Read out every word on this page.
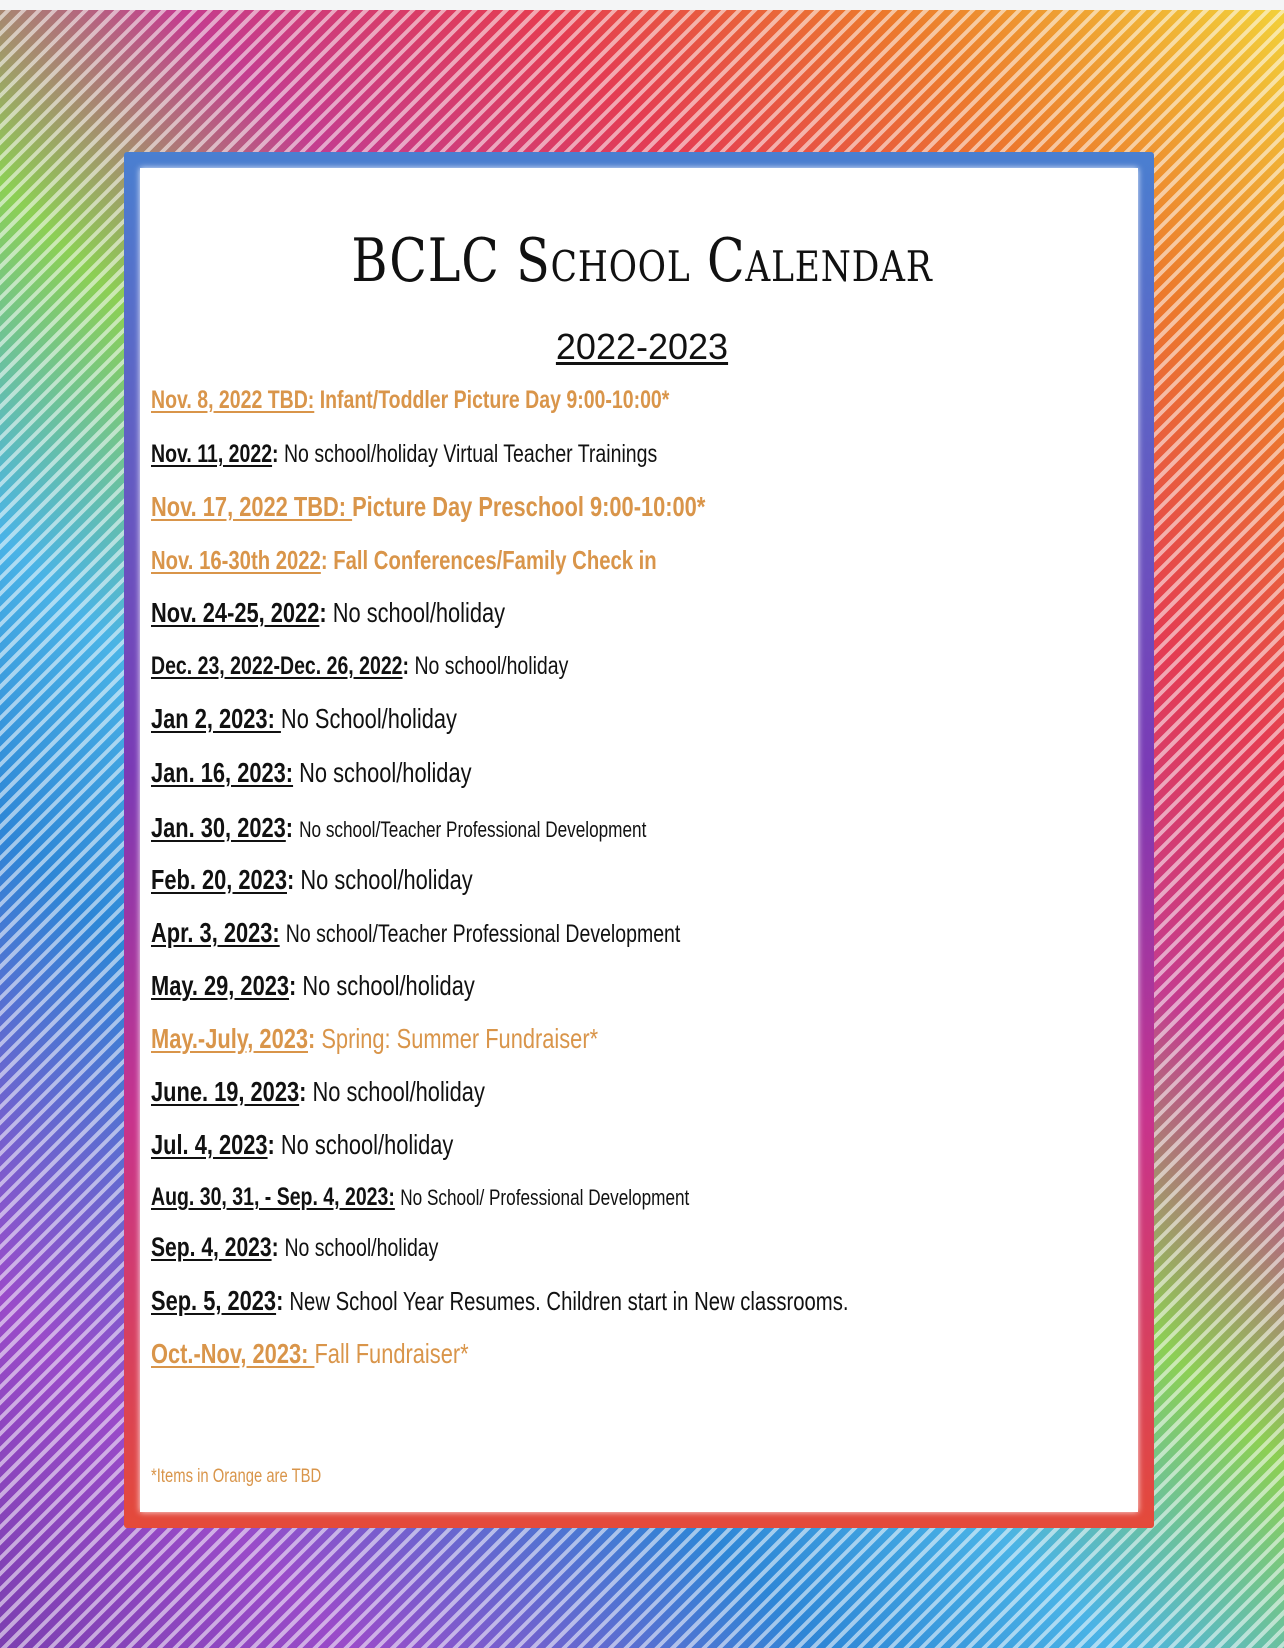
BCLC School Calendar
2022-2023
Nov. 8, 2022 TBD: Infant/Toddler Picture Day 9:00-10:00*
Nov. 11, 2022: No school/holiday Virtual Teacher Trainings
Nov. 17, 2022 TBD: Picture Day Preschool 9:00-10:00*
Nov. 16-30th 2022: Fall Conferences/Family Check in
Nov. 24-25, 2022: No school/holiday
Dec. 23, 2022-Dec. 26, 2022: No school/holiday
Jan 2, 2023: No School/holiday
Jan. 16, 2023: No school/holiday
Jan. 30, 2023: No school/Teacher Professional Development
Feb. 20, 2023: No school/holiday
Apr. 3, 2023: No school/Teacher Professional Development
May. 29, 2023: No school/holiday
May.-July, 2023: Spring: Summer Fundraiser*
June. 19, 2023: No school/holiday
Jul. 4, 2023: No school/holiday
Aug. 30, 31, - Sep. 4, 2023: No School/ Professional Development
Sep. 4, 2023: No school/holiday
Sep. 5, 2023: New School Year Resumes. Children start in New classrooms.
Oct.-Nov, 2023: Fall Fundraiser*
*Items in Orange are TBD
